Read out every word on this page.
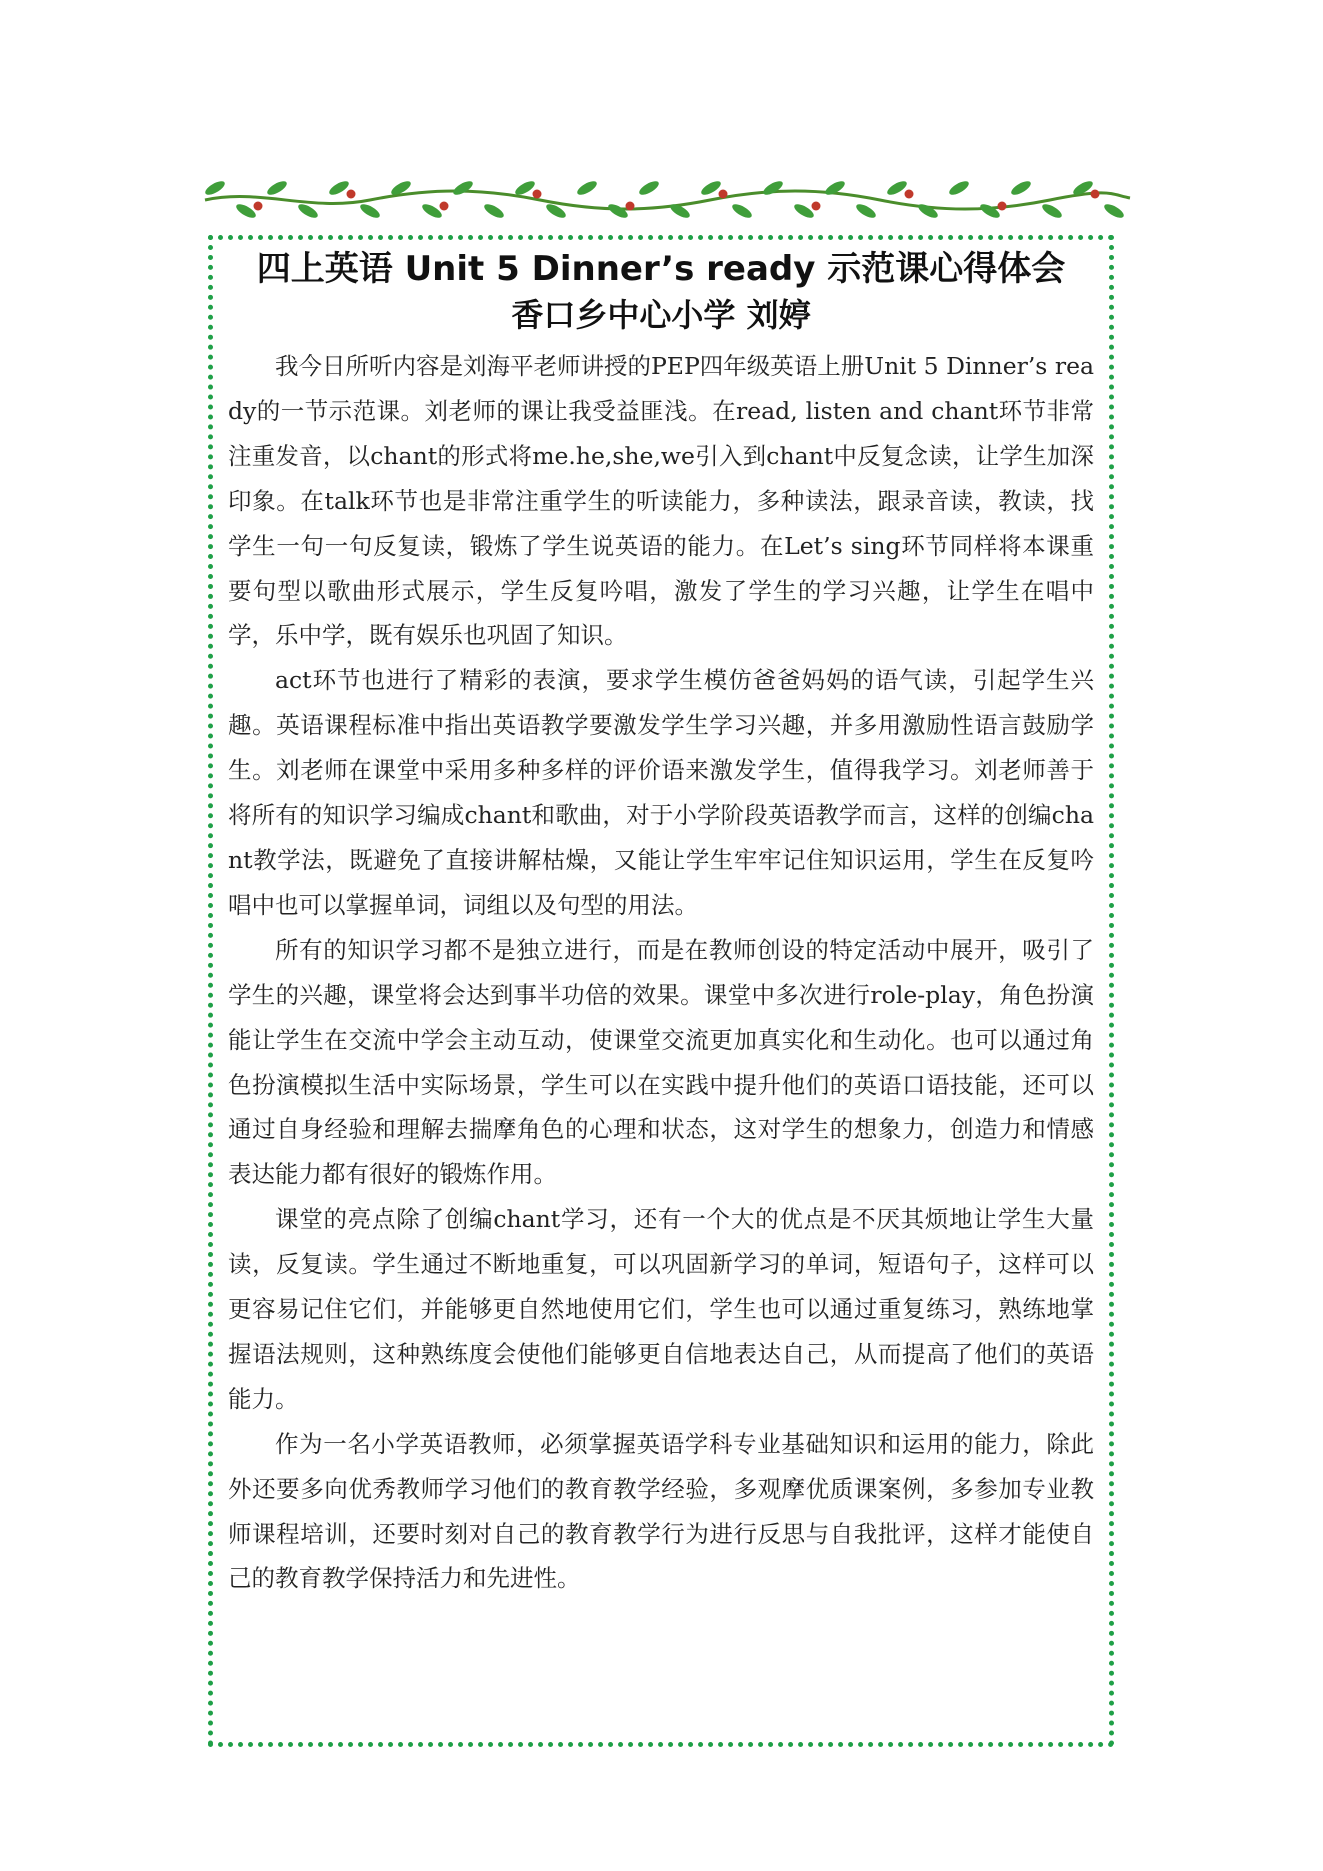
四上英语 Unit 5 Dinner’s ready 示范课心得体会
香口乡中心小学 刘婷

我今日所听内容是刘海平老师讲授的PEP四年级英语上册Unit 5 Dinner’s ready的一节示范课。刘老师的课让我受益匪浅。在read, listen and chant环节非常注重发音，以chant的形式将me.he,she,we引入到chant中反复念读，让学生加深印象。在talk环节也是非常注重学生的听读能力，多种读法，跟录音读，教读，找学生一句一句反复读，锻炼了学生说英语的能力。在Let’s sing环节同样将本课重要句型以歌曲形式展示，学生反复吟唱，激发了学生的学习兴趣，让学生在唱中学，乐中学，既有娱乐也巩固了知识。

act环节也进行了精彩的表演，要求学生模仿爸爸妈妈的语气读，引起学生兴趣。英语课程标准中指出英语教学要激发学生学习兴趣，并多用激励性语言鼓励学生。刘老师在课堂中采用多种多样的评价语来激发学生，值得我学习。刘老师善于将所有的知识学习编成chant和歌曲，对于小学阶段英语教学而言，这样的创编chant教学法，既避免了直接讲解枯燥，又能让学生牢牢记住知识运用，学生在反复吟唱中也可以掌握单词，词组以及句型的用法。

所有的知识学习都不是独立进行，而是在教师创设的特定活动中展开，吸引了学生的兴趣，课堂将会达到事半功倍的效果。课堂中多次进行role-play，角色扮演能让学生在交流中学会主动互动，使课堂交流更加真实化和生动化。也可以通过角色扮演模拟生活中实际场景，学生可以在实践中提升他们的英语口语技能，还可以通过自身经验和理解去揣摩角色的心理和状态，这对学生的想象力，创造力和情感表达能力都有很好的锻炼作用。

课堂的亮点除了创编chant学习，还有一个大的优点是不厌其烦地让学生大量读，反复读。学生通过不断地重复，可以巩固新学习的单词，短语句子，这样可以更容易记住它们，并能够更自然地使用它们，学生也可以通过重复练习，熟练地掌握语法规则，这种熟练度会使他们能够更自信地表达自己，从而提高了他们的英语能力。

作为一名小学英语教师，必须掌握英语学科专业基础知识和运用的能力，除此外还要多向优秀教师学习他们的教育教学经验，多观摩优质课案例，多参加专业教师课程培训，还要时刻对自己的教育教学行为进行反思与自我批评，这样才能使自己的教育教学保持活力和先进性。
